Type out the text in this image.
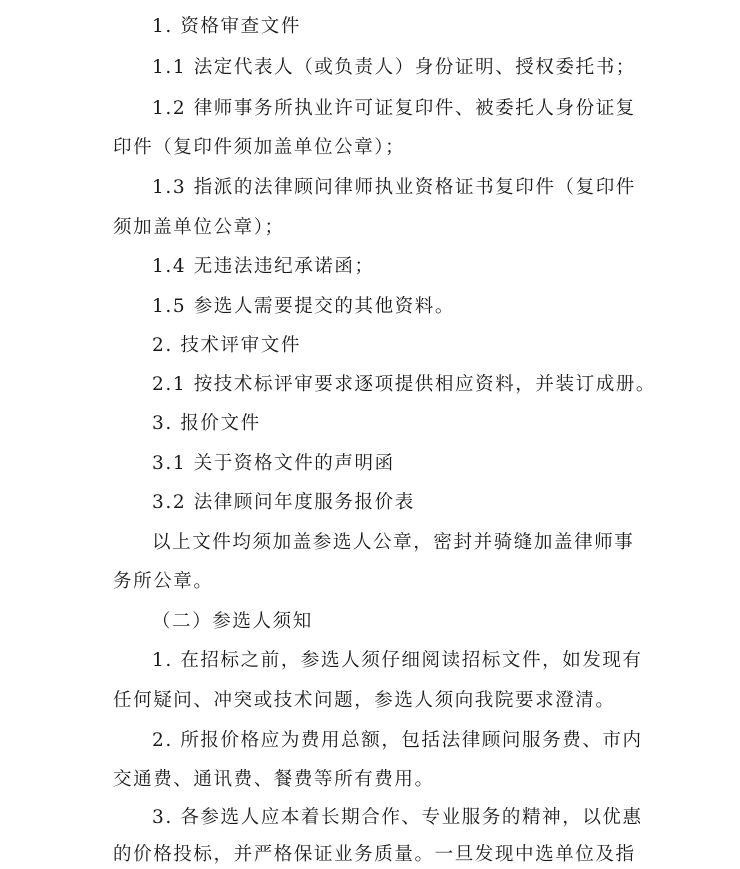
1. 资格审查文件
1.1 法定代表人（或负责人）身份证明、授权委托书；
1.2 律师事务所执业许可证复印件、被委托人身份证复
印件（复印件须加盖单位公章）；
1.3 指派的法律顾问律师执业资格证书复印件（复印件
须加盖单位公章）；
1.4 无违法违纪承诺函；
1.5 参选人需要提交的其他资料。
2. 技术评审文件
2.1 按技术标评审要求逐项提供相应资料，并装订成册。
3. 报价文件
3.1 关于资格文件的声明函
3.2 法律顾问年度服务报价表
以上文件均须加盖参选人公章，密封并骑缝加盖律师事
务所公章。
（二）参选人须知
1. 在招标之前，参选人须仔细阅读招标文件，如发现有
任何疑问、冲突或技术问题，参选人须向我院要求澄清。
2. 所报价格应为费用总额，包括法律顾问服务费、市内
交通费、通讯费、餐费等所有费用。
3. 各参选人应本着长期合作、专业服务的精神，以优惠
的价格投标，并严格保证业务质量。一旦发现中选单位及指
